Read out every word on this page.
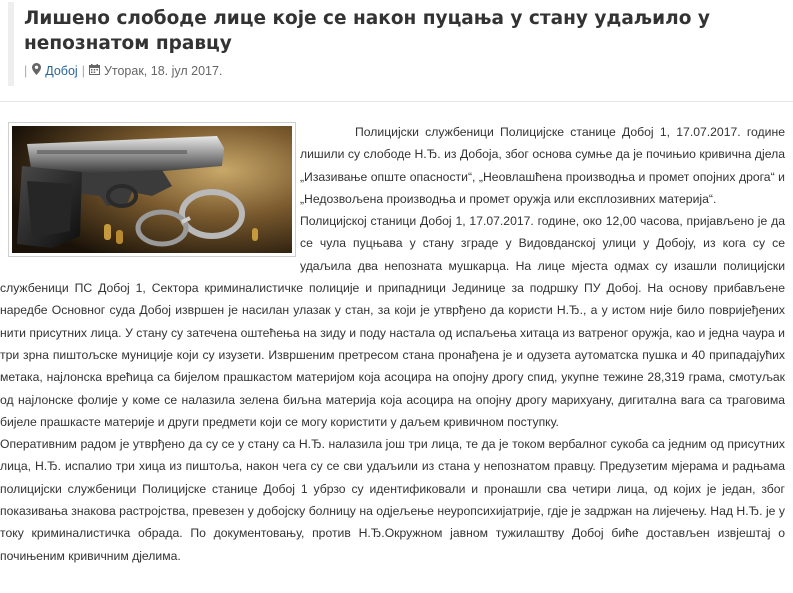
Лишено слободе лице које се након пуцања у стану удаљило у непознатом правцу
| Добој | Уторак, 18. јул 2017.

Полицијски службеници Полицијске станице Добој 1, 17.07.2017. године лишили су слободе Н.Ђ. из Добоја, због основа сумње да је почињио кривична дјела „Изазивање опште опасности“, „Неовлашћена производња и промет опојних дрога“ и „Недозвољена производња и промет оружја или експлозивних материја“.

Полицијској станици Добој 1, 17.07.2017. године, око 12,00 часова, пријављено је да се чула пуцњава у стану зграде у Видовданској улици у Добоју, из кога су се удаљила два непозната мушкарца. На лице мјеста одмах су изашли полицијски службеници ПС Добој 1, Сектора криминалистичке полиције и припадници Јединице за подршку ПУ Добој. На основу прибављене наредбе Основног суда Добој извршен је насилан улазак у стан, за који је утврђено да користи Н.Ђ., а у истом није било повријеђених нити присутних лица. У стану су затечена оштећења на зиду и поду настала од испаљења хитаца из ватреног оружја, као и једна чаура и три зрна пиштољске муниције који су изузети. Извршеним претресом стана пронађена је и одузета аутоматска пушка и 40 припадајућих метака, најлонска врећица са бијелом прашкастом материјом која асоцира на опојну дрогу спид, укупне тежине 28,319 грама, смотуљак од најлонске фолије у коме се налазила зелена биљна материја која асоцира на опојну дрогу марихуану, дигитална вага са траговима бијеле прашкасте материје и други предмети који се могу користити у даљем кривичном поступку.

Оперативним радом је утврђено да су се у стану са Н.Ђ. налазила још три лица, те да је током вербалног сукоба са једним од присутних лица, Н.Ђ. испалио три хица из пиштоља, након чега су се сви удаљили из стана у непознатом правцу. Предузетим мјерама и радњама полицијски службеници Полицијске станице Добој 1 убрзо су идентификовали и пронашли сва четири лица, од којих је један, због показивања знакова растројства, превезен у добојску болницу на одјељење неуропсихијатрије, гдје је задржан на лијечењу. Над Н.Ђ. је у току криминалистичка обрада. По документовању, против Н.Ђ.Окружном јавном тужилаштву Добој биће достављен извјештај о почињеним кривичним дјелима.
